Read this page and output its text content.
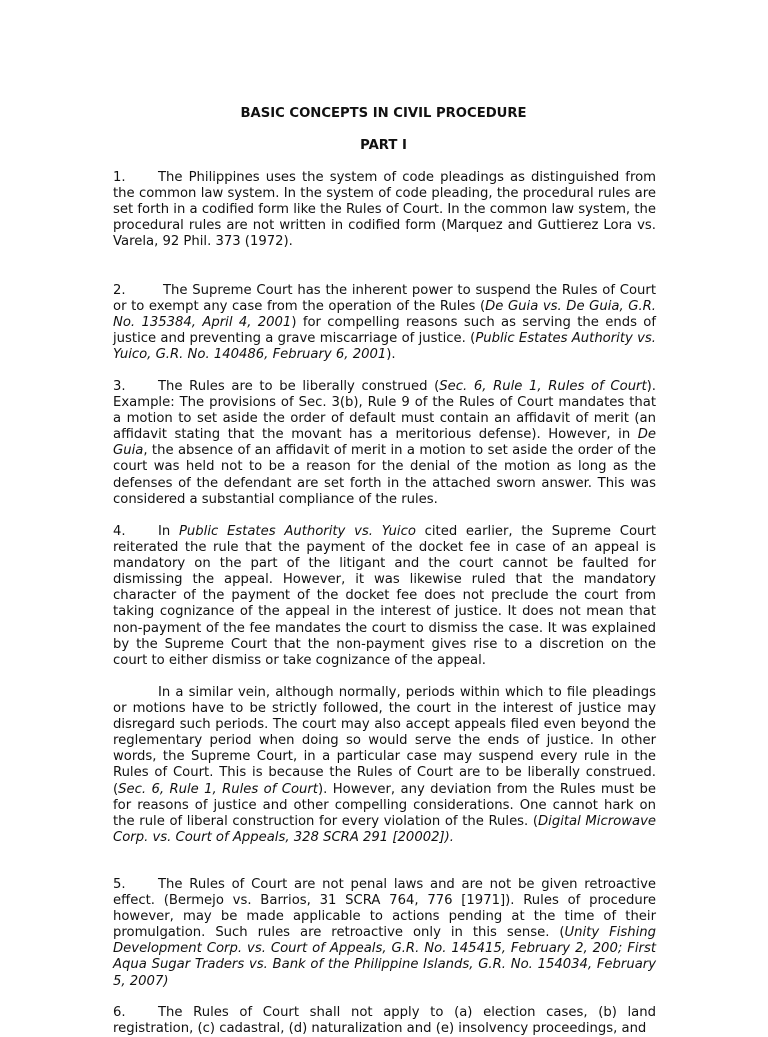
BASIC CONCEPTS IN CIVIL PROCEDURE
PART I

1. The Philippines uses the system of code pleadings as distinguished from the common law system. In the system of code pleading, the procedural rules are set forth in a codified form like the Rules of Court. In the common law system, the procedural rules are not written in codified form (Marquez and Guttierez Lora vs. Varela, 92 Phil. 373 (1972).

2.	The Supreme Court has the inherent power to suspend the Rules of Court or to exempt any case from the operation of the Rules (De Guia vs. De Guia, G.R. No. 135384, April 4, 2001) for compelling reasons such as serving the ends of justice and preventing a grave miscarriage of justice. (Public Estates Authority vs. Yuico, G.R. No. 140486, February 6, 2001).

3. The Rules are to be liberally construed (Sec. 6, Rule 1, Rules of Court). Example: The provisions of Sec. 3(b), Rule 9 of the Rules of Court mandates that a motion to set aside the order of default must contain an affidavit of merit (an affidavit stating that the movant has a meritorious defense). However, in De Guia, the absence of an affidavit of merit in a motion to set aside the order of the court was held not to be a reason for the denial of the motion as long as the defenses of the defendant are set forth in the attached sworn answer. This was considered a substantial compliance of the rules.

4. In Public Estates Authority vs. Yuico cited earlier, the Supreme Court reiterated the rule that the payment of the docket fee in case of an appeal is mandatory on the part of the litigant and the court cannot be faulted for dismissing the appeal. However, it was likewise ruled that the mandatory character of the payment of the docket fee does not preclude the court from taking cognizance of the appeal in the interest of justice. It does not mean that non-payment of the fee mandates the court to dismiss the case. It was explained by the Supreme Court that the non-payment gives rise to a discretion on the court to either dismiss or take cognizance of the appeal.

In a similar vein, although normally, periods within which to file pleadings or motions have to be strictly followed, the court in the interest of justice may disregard such periods. The court may also accept appeals filed even beyond the reglementary period when doing so would serve the ends of justice. In other words, the Supreme Court, in a particular case may suspend every rule in the Rules of Court. This is because the Rules of Court are to be liberally construed. (Sec. 6, Rule 1, Rules of Court). However, any deviation from the Rules must be for reasons of justice and other compelling considerations. One cannot hark on the rule of liberal construction for every violation of the Rules. (Digital Microwave Corp. vs. Court of Appeals, 328 SCRA 291 [20002]).

5. The Rules of Court are not penal laws and are not be given retroactive effect. (Bermejo vs. Barrios, 31 SCRA 764, 776 [1971]). Rules of procedure however, may be made applicable to actions pending at the time of their promulgation. Such rules are retroactive only in this sense. (Unity Fishing Development Corp. vs. Court of Appeals, G.R. No. 145415, February 2, 200; First Aqua Sugar Traders vs. Bank of the Philippine Islands, G.R. No. 154034, February 5, 2007)

6. The Rules of Court shall not apply to (a) election cases, (b) land registration, (c) cadastral, (d) naturalization and (e) insolvency proceedings, and
